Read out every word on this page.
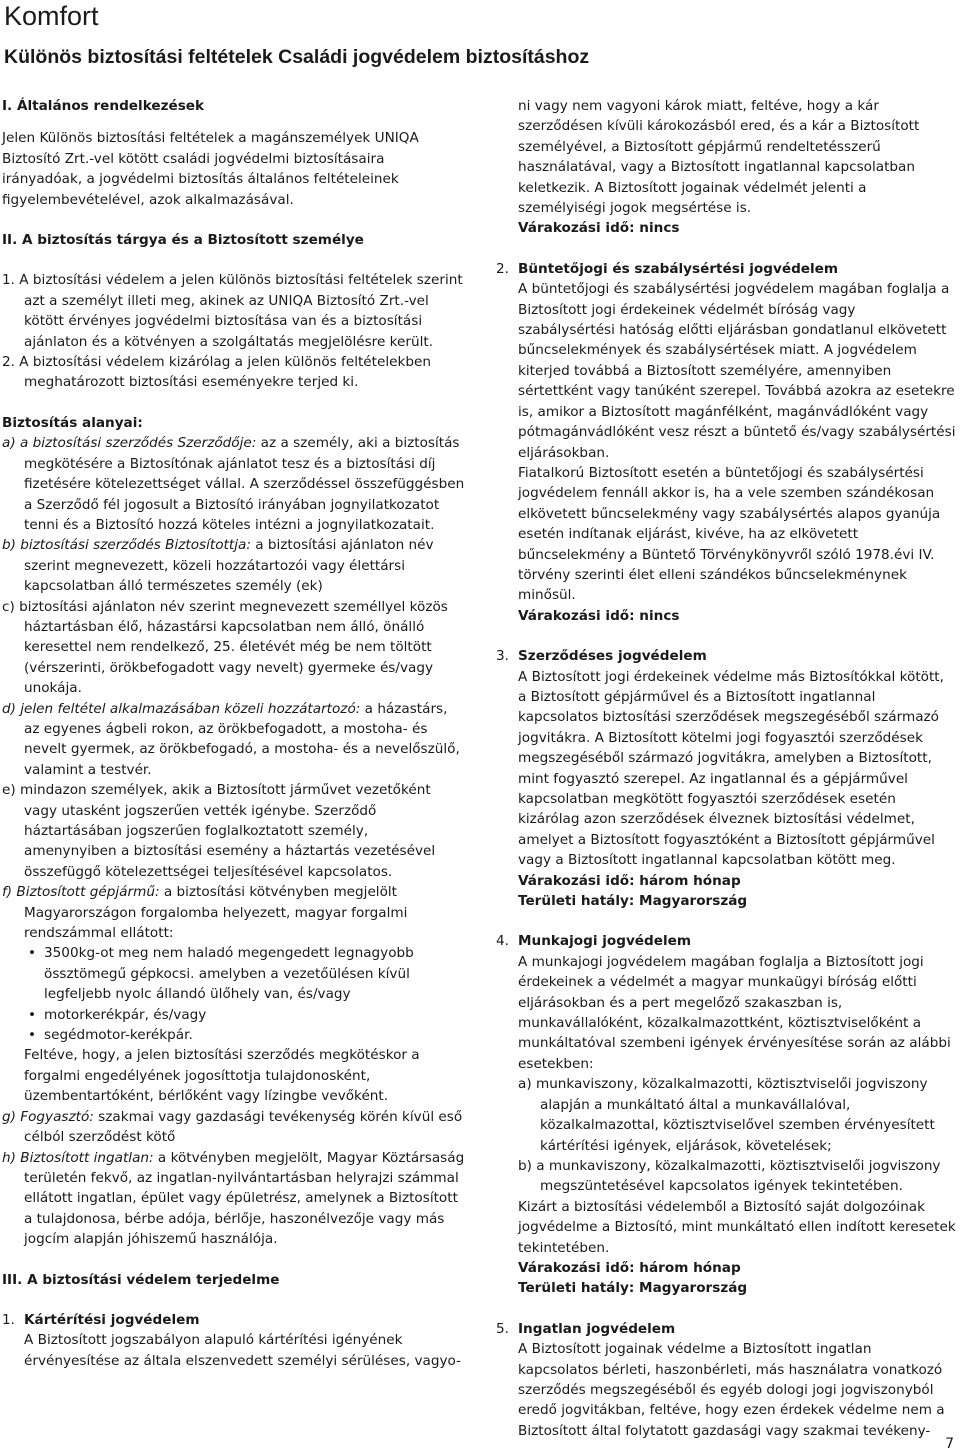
Komfort
Különös biztosítási feltételek Családi jogvédelem biztosításhoz

I. Általános rendelkezések

Jelen Különös biztosítási feltételek a magánszemélyek UNIQA Biztosító Zrt.-vel kötött családi jogvédelmi biztosításaira irányadóak, a jogvédelmi biztosítás általános feltételeinek figyelembevételével, azok alkalmazásával.

II. A biztosítás tárgya és a Biztosított személye

1. A biztosítási védelem a jelen különös biztosítási feltételek szerint azt a személyt illeti meg, akinek az UNIQA Biztosító Zrt.-vel kötött érvényes jogvédelmi biztosítása van és a biztosítási ajánlaton és a kötvényen a szolgáltatás megjelölésre került.

2. A biztosítási védelem kizárólag a jelen különös feltételekben meghatározott biztosítási eseményekre terjed ki.

Biztosítás alanyai:

a) a biztosítási szerződés Szerződője: az a személy, aki a biztosítás megkötésére a Biztosítónak ajánlatot tesz és a biztosítási díj fizetésére kötelezettséget vállal. A szerződéssel összefüggésben a Szerződő fél jogosult a Biztosító irányában jognyilatkozatot tenni és a Biztosító hozzá köteles intézni a jognyilatkozatait.

b) biztosítási szerződés Biztosítottja: a biztosítási ajánlaton név szerint megnevezett, közeli hozzátartozói vagy élettársi kapcsolatban álló természetes személy (ek)

c) biztosítási ajánlaton név szerint megnevezett személlyel közös háztartásban élő, házastársi kapcsolatban nem álló, önálló keresettel nem rendelkező, 25. életévét még be nem töltött (vérszerinti, örökbefogadott vagy nevelt) gyermeke és/vagy unokája.

d) jelen feltétel alkalmazásában közeli hozzátartozó: a házastárs, az egyenes ágbeli rokon, az örökbefogadott, a mostoha- és nevelt gyermek, az örökbefogadó, a mostoha- és a nevelőszülő, valamint a testvér.

e) mindazon személyek, akik a Biztosított járművet vezetőként vagy utasként jogszerűen vették igénybe. Szerződő háztartásában jogszerűen foglalkoztatott személy, amenynyiben a biztosítási esemény a háztartás vezetésével összefüggő kötelezettségei teljesítésével kapcsolatos.

f) Biztosított gépjármű: a biztosítási kötvényben megjelölt Magyarországon forgalomba helyezett, magyar forgalmi rendszámmal ellátott:

• 3500kg-ot meg nem haladó megengedett legnagyobb össztömegű gépkocsi. amelyben a vezetőülésen kívül legfeljebb nyolc állandó ülőhely van, és/vagy

• motorkerékpár, és/vagy

• segédmotor-kerékpár.

Feltéve, hogy, a jelen biztosítási szerződés megkötéskor a forgalmi engedélyének jogosíttotja tulajdonosként, üzembentartóként, bérlőként vagy lízingbe vevőként.

g) Fogyasztó: szakmai vagy gazdasági tevékenység körén kívül eső célból szerződést kötő

h) Biztosított ingatlan: a kötvényben megjelölt, Magyar Köztársaság területén fekvő, az ingatlan-nyilvántartásban helyrajzi számmal ellátott ingatlan, épület vagy épületrész, amelynek a Biztosított a tulajdonosa, bérbe adója, bérlője, haszonélvezője vagy más jogcím alapján jóhiszemű használója.

III. A biztosítási védelem terjedelme

1. Kártérítési jogvédelem

A Biztosított jogszabályon alapuló kártérítési igényének érvényesítése az általa elszenvedett személyi sérüléses, vagyo-

ni vagy nem vagyoni károk miatt, feltéve, hogy a kár szerződésen kívüli károkozásból ered, és a kár a Biztosított személyével, a Biztosított gépjármű rendeltetésszerű használatával, vagy a Biztosított ingatlannal kapcsolatban keletkezik. A Biztosított jogainak védelmét jelenti a személyiségi jogok megsértése is.

Várakozási idő: nincs

2. Büntetőjogi és szabálysértési jogvédelem

A büntetőjogi és szabálysértési jogvédelem magában foglalja a Biztosított jogi érdekeinek védelmét bíróság vagy szabálysértési hatóság előtti eljárásban gondatlanul elkövetett bűncselekmények és szabálysértések miatt. A jogvédelem kiterjed továbbá a Biztosított személyére, amennyiben sértettként vagy tanúként szerepel. Továbbá azokra az esetekre is, amikor a Biztosított magánfélként, magánvádlóként vagy pótmagánvádlóként vesz részt a büntető és/vagy szabálysértési eljárásokban.

Fiatalkorú Biztosított esetén a büntetőjogi és szabálysértési jogvédelem fennáll akkor is, ha a vele szemben szándékosan elkövetett bűncselekmény vagy szabálysértés alapos gyanúja esetén indítanak eljárást, kivéve, ha az elkövetett bűncselekmény a Büntető Törvénykönyvről szóló 1978.évi IV. törvény szerinti élet elleni szándékos bűncselekménynek minősül.

Várakozási idő: nincs

3. Szerződéses jogvédelem

A Biztosított jogi érdekeinek védelme más Biztosítókkal kötött, a Biztosított gépjárművel és a Biztosított ingatlannal kapcsolatos biztosítási szerződések megszegéséből származó jogvitákra. A Biztosított kötelmi jogi fogyasztói szerződések megszegéséből származó jogvitákra, amelyben a Biztosított, mint fogyasztó szerepel. Az ingatlannal és a gépjárművel kapcsolatban megkötött fogyasztói szerződések esetén kizárólag azon szerződések élveznek biztosítási védelmet, amelyet a Biztosított fogyasztóként a Biztosított gépjárművel vagy a Biztosított ingatlannal kapcsolatban kötött meg.

Várakozási idő: három hónap

Területi hatály: Magyarország

4. Munkajogi jogvédelem

A munkajogi jogvédelem magában foglalja a Biztosított jogi érdekeinek a védelmét a magyar munkaügyi bíróság előtti eljárásokban és a pert megelőző szakaszban is, munkavállalóként, közalkalmazottként, köztisztviselőként a munkáltatóval szembeni igények érvényesítése során az alábbi esetekben:

a) munkaviszony, közalkalmazotti, köztisztviselői jogviszony alapján a munkáltató által a munkavállalóval, közalkalmazottal, köztisztviselővel szemben érvényesített kártérítési igények, eljárások, követelések;

b) a munkaviszony, közalkalmazotti, köztisztviselői jogviszony megszüntetésével kapcsolatos igények tekintetében.

Kizárt a biztosítási védelemből a Biztosító saját dolgozóinak jogvédelme a Biztosító, mint munkáltató ellen indított keresetek tekintetében.

Várakozási idő: három hónap

Területi hatály: Magyarország

5. Ingatlan jogvédelem

A Biztosított jogainak védelme a Biztosított ingatlan kapcsolatos bérleti, haszonbérleti, más használatra vonatkozó szerződés megszegéséből és egyéb dologi jogi jogviszonyból eredő jogvitákban, feltéve, hogy ezen érdekek védelme nem a Biztosított által folytatott gazdasági vagy szakmai tevékeny-

7
